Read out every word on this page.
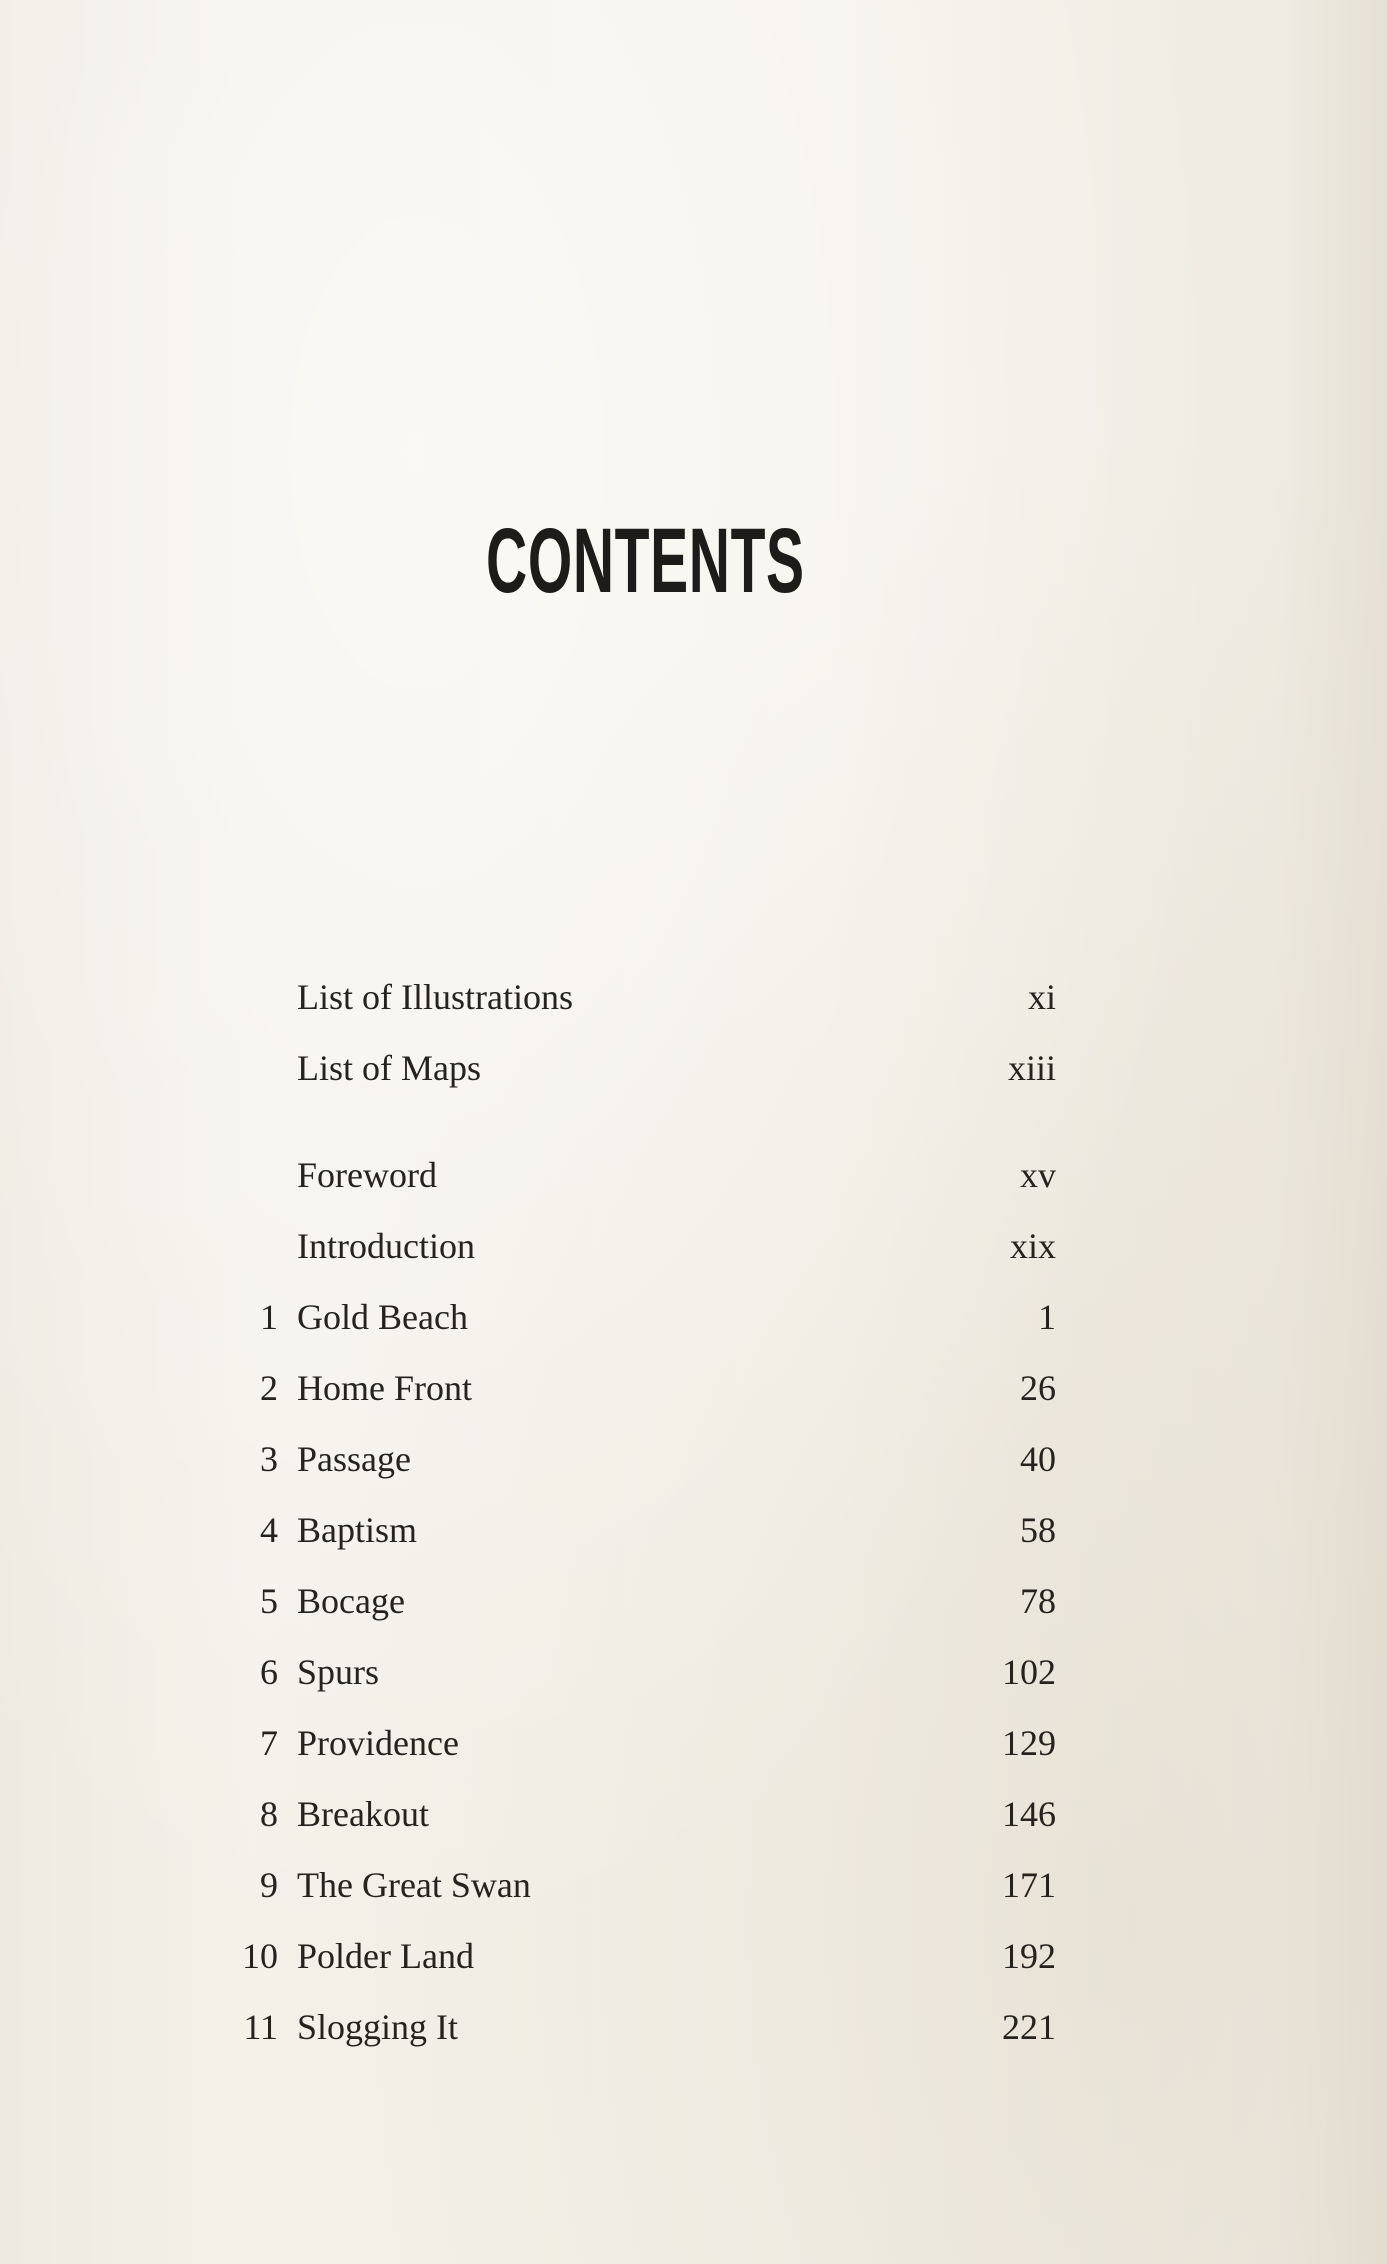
CONTENTS
List of Illustrations	xi
List of Maps	xiii
Foreword	xv
Introduction	xix
1 Gold Beach	1
2 Home Front	26
3 Passage	40
4 Baptism	58
5 Bocage	78
6 Spurs	102
7 Providence	129
8 Breakout	146
9 The Great Swan	171
10 Polder Land	192
11 Slogging It	221
